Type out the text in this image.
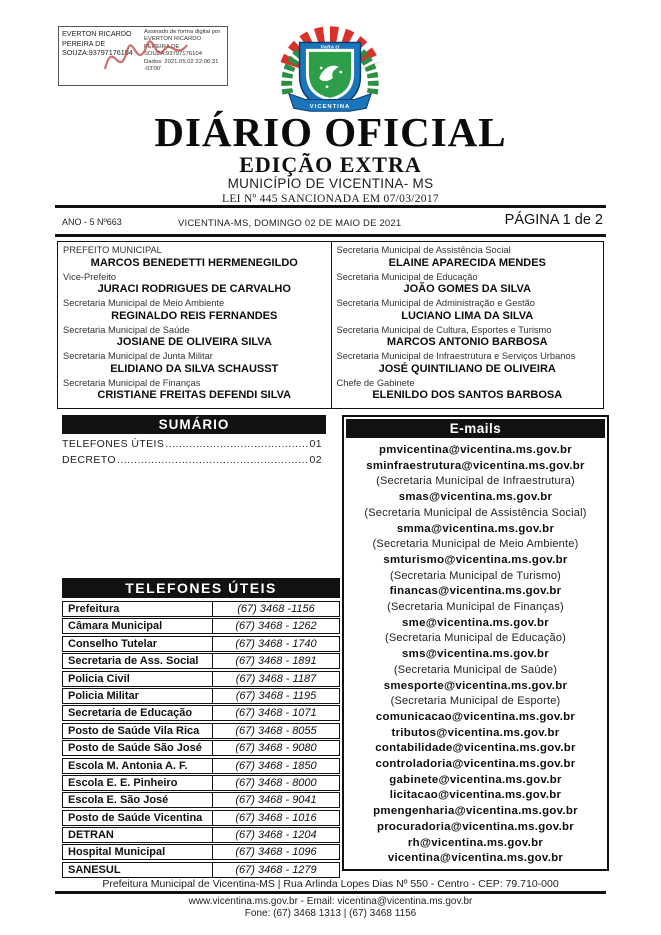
EVERTON RICARDO PEREIRA DE SOUZA:93797176104
Assinado de forma digital por EVERTON RICARDO PEREIRA DE SOUZA:93797176104
Dados: 2021.05.02 22:06:31 -03'00'
PARA O
VICENTINA
DIÁRIO OFICIAL
EDIÇÃO EXTRA
MUNICÍPIO DE VICENTINA- MS
LEI Nº 445 SANCIONADA EM 07/03/2017
ANO - 5 Nº663	VICENTINA-MS, DOMINGO 02 DE MAIO DE 2021	PÁGINA 1 de 2
PREFEITO MUNICIPAL
MARCOS BENEDETTI HERMENEGILDO
Vice-Prefeito
JURACI RODRIGUES DE CARVALHO
Secretaria Municipal de Meio Ambiente
REGINALDO REIS FERNANDES
Secretaria Municipal de Saúde
JOSIANE DE OLIVEIRA SILVA
Secretaria Municipal de Junta Militar
ELIDIANO DA SILVA SCHAUSST
Secretaria Municipal de Finanças
CRISTIANE FREITAS DEFENDI SILVA
Secretaria Municipal de Assistência Social
ELAINE APARECIDA MENDES
Secretaria Municipal de Educação
JOÃO GOMES DA SILVA
Secretaria Municipal de Administração e Gestão
LUCIANO LIMA DA SILVA
Secretaria Municipal de Cultura, Esportes e Turismo
MARCOS ANTONIO BARBOSA
Secretaria Municipal de Infraestrutura e Serviços Urbanos
JOSÉ QUINTILIANO DE OLIVEIRA
Chefe de Gabinete
ELENILDO DOS SANTOS BARBOSA
SUMÁRIO
TELEFONES ÚTEIS .....	01
DECRETO .....	02
E-mails
pmvicentina@vicentina.ms.gov.br
sminfraestrutura@vicentina.ms.gov.br
(Secretaria Municipal de Infraestrutura)
smas@vicentina.ms.gov.br
(Secretaria Municipal de Assistência Social)
smma@vicentina.ms.gov.br
(Secretaria Municipal de Meio Ambiente)
smturismo@vicentina.ms.gov.br
(Secretaria Municipal de Turismo)
financas@vicentina.ms.gov.br
(Secretaria Municipal de Finanças)
sme@vicentina.ms.gov.br
(Secretaria Municipal de Educação)
sms@vicentina.ms.gov.br
(Secretaria Municipal de Saúde)
smesporte@vicentina.ms.gov.br
(Secretaria Municipal de Esporte)
comunicacao@vicentina.ms.gov.br
tributos@vicentina.ms.gov.br
contabilidade@vicentina.ms.gov.br
controladoria@vicentina.ms.gov.br
gabinete@vicentina.ms.gov.br
licitacao@vicentina.ms.gov.br
pmengenharia@vicentina.ms.gov.br
procuradoria@vicentina.ms.gov.br
rh@vicentina.ms.gov.br
vicentina@vicentina.ms.gov.br
TELEFONES ÚTEIS
Prefeitura	(67) 3468 -1156
Câmara Municipal	(67) 3468 - 1262
Conselho Tutelar	(67) 3468 - 1740
Secretaria de Ass. Social	(67) 3468 - 1891
Policia Civil	(67) 3468 - 1187
Policia Militar	(67) 3468 - 1195
Secretaria de Educação	(67) 3468 - 1071
Posto de Saúde Vila Rica	(67) 3468 - 8055
Posto de Saúde São José	(67) 3468 - 9080
Escola M. Antonia A. F.	(67) 3468 - 1850
Escola E. E. Pinheiro	(67) 3468 - 8000
Escola E. São José	(67) 3468 - 9041
Posto de Saúde Vicentina	(67) 3468 - 1016
DETRAN	(67) 3468 - 1204
Hospital Municipal	(67) 3468 - 1096
SANESUL	(67) 3468 - 1279
Prefeitura Municipal de Vicentina-MS | Rua Arlinda Lopes Dias Nº 550 - Centro - CEP: 79.710-000
www.vicentina.ms.gov.br - Email: vicentina@vicentina.ms.gov.br
Fone: (67) 3468 1313 | (67) 3468 1156
